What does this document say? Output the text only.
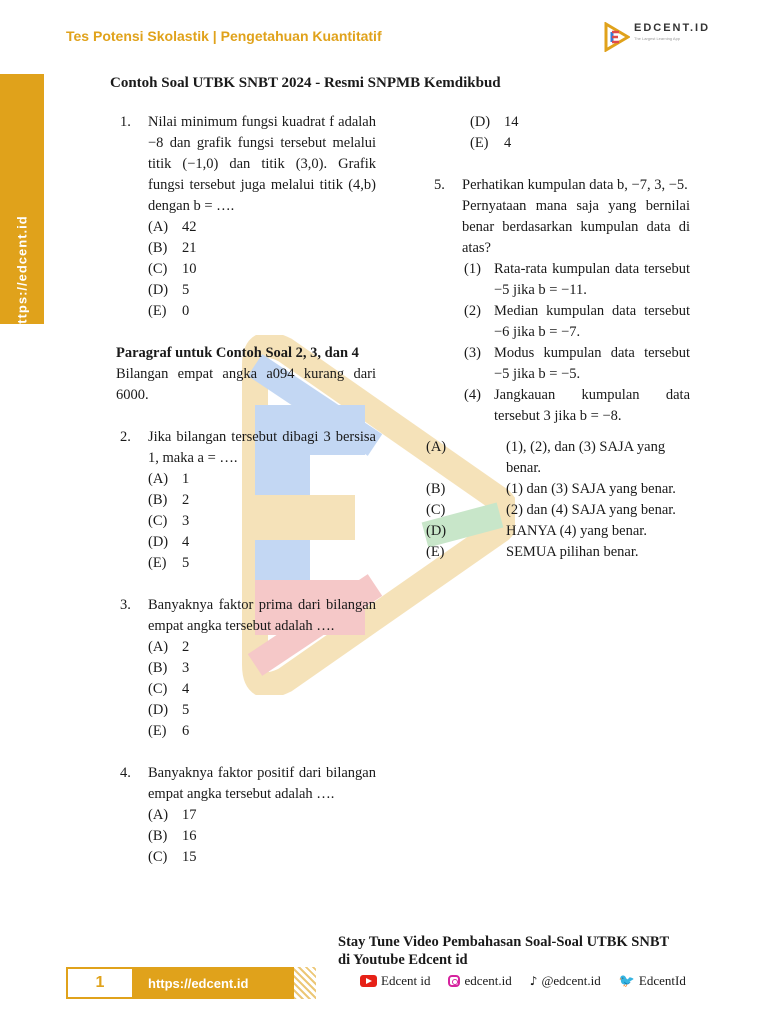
Tes Potensi Skolastik | Pengetahuan Kuantitatif	EDCENT.ID
The Largest Learning App
https://edcent.id
Contoh Soal UTBK SNBT 2024 - Resmi SNPMB Kemdikbud
1. Nilai minimum fungsi kuadrat f adalah −8 dan grafik fungsi tersebut melalui titik (−1,0) dan titik (3,0). Grafik fungsi tersebut juga melalui titik (4,b) dengan b = ….
(A) 42
(B) 21
(C) 10
(D) 5
(E) 0
Paragraf untuk Contoh Soal 2, 3, dan 4
Bilangan empat angka a094 kurang dari 6000.
2. Jika bilangan tersebut dibagi 3 bersisa 1, maka a = ….
(A) 1
(B) 2
(C) 3
(D) 4
(E) 5
3. Banyaknya faktor prima dari bilangan empat angka tersebut adalah ….
(A) 2
(B) 3
(C) 4
(D) 5
(E) 6
4. Banyaknya faktor positif dari bilangan empat angka tersebut adalah ….
(A) 17
(B) 16
(C) 15
(D) 14
(E) 4
5. Perhatikan kumpulan data b, −7, 3, −5.
Pernyataan mana saja yang bernilai benar berdasarkan kumpulan data di atas?
(1) Rata-rata kumpulan data tersebut −5 jika b = −11.
(2) Median kumpulan data tersebut −6 jika b = −7.
(3) Modus kumpulan data tersebut −5 jika b = −5.
(4) Jangkauan kumpulan data tersebut 3 jika b = −8.
(A)	(1), (2), dan (3) SAJA yang benar.
(B)	(1) dan (3) SAJA yang benar.
(C)	(2) dan (4) SAJA yang benar.
(D)	HANYA (4) yang benar.
(E)	SEMUA pilihan benar.
Stay Tune Video Pembahasan Soal-Soal UTBK SNBT
di Youtube Edcent id
1	https://edcent.id	Edcent id	edcent.id ♪ @edcent.id 🐦 EdcentId
